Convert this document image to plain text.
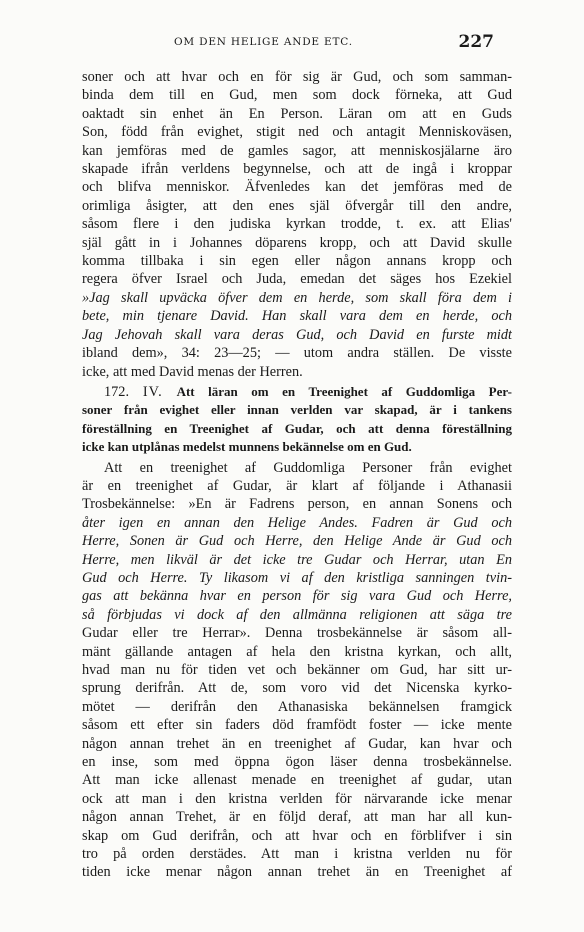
OM DEN HELIGE ANDE ETC.	227
soner och att hvar och en för sig är Gud, och som samman-
binda dem till en Gud, men som dock förneka, att Gud
oaktadt sin enhet än En Person. Läran om att en Guds
Son, född från evighet, stigit ned och antagit Menniskoväsen,
kan jemföras med de gamles sagor, att menniskosjälarne äro
skapade ifrån verldens begynnelse, och att de ingå i kroppar
och blifva menniskor. Äfvenledes kan det jemföras med de
orimliga åsigter, att den enes själ öfvergår till den andre,
såsom flere i den judiska kyrkan trodde, t. ex. att Elias'
själ gått in i Johannes döparens kropp, och att David skulle
komma tillbaka i sin egen eller någon annans kropp och
regera öfver Israel och Juda, emedan det säges hos Ezekiel
»Jag skall upväcka öfver dem en herde, som skall föra dem i
bete, min tjenare David. Han skall vara dem en herde, och
Jag Jehovah skall vara deras Gud, och David en furste midt
ibland dem», 34: 23—25; — utom andra ställen. De visste
icke, att med David menas der Herren.
172. IV. Att läran om en Treenighet af Guddomliga Per-
soner från evighet eller innan verlden var skapad, är i tankens
föreställning en Treenighet af Gudar, och att denna föreställning
icke kan utplånas medelst munnens bekännelse om en Gud.
Att en treenighet af Guddomliga Personer från evighet
är en treenighet af Gudar, är klart af följande i Athanasii
Trosbekännelse: »En är Fadrens person, en annan Sonens och
åter igen en annan den Helige Andes. Fadren är Gud och
Herre, Sonen är Gud och Herre, den Helige Ande är Gud och
Herre, men likväl är det icke tre Gudar och Herrar, utan En
Gud och Herre. Ty likasom vi af den kristliga sanningen tvin-
gas att bekänna hvar en person för sig vara Gud och Herre,
så förbjudas vi dock af den allmänna religionen att säga tre
Gudar eller tre Herrar». Denna trosbekännelse är såsom all-
mänt gällande antagen af hela den kristna kyrkan, och allt,
hvad man nu för tiden vet och bekänner om Gud, har sitt ur-
sprung derifrån. Att de, som voro vid det Nicenska kyrko-
mötet — derifrån den Athanasiska bekännelsen framgick
såsom ett efter sin faders död framfödt foster — icke mente
någon annan trehet än en treenighet af Gudar, kan hvar och
en inse, som med öppna ögon läser denna trosbekännelse.
Att man icke allenast menade en treenighet af gudar, utan
ock att man i den kristna verlden för närvarande icke menar
någon annan Trehet, är en följd deraf, att man har all kun-
skap om Gud derifrån, och att hvar och en förblifver i sin
tro på orden derstädes. Att man i kristna verlden nu för
tiden icke menar någon annan trehet än en Treenighet af
